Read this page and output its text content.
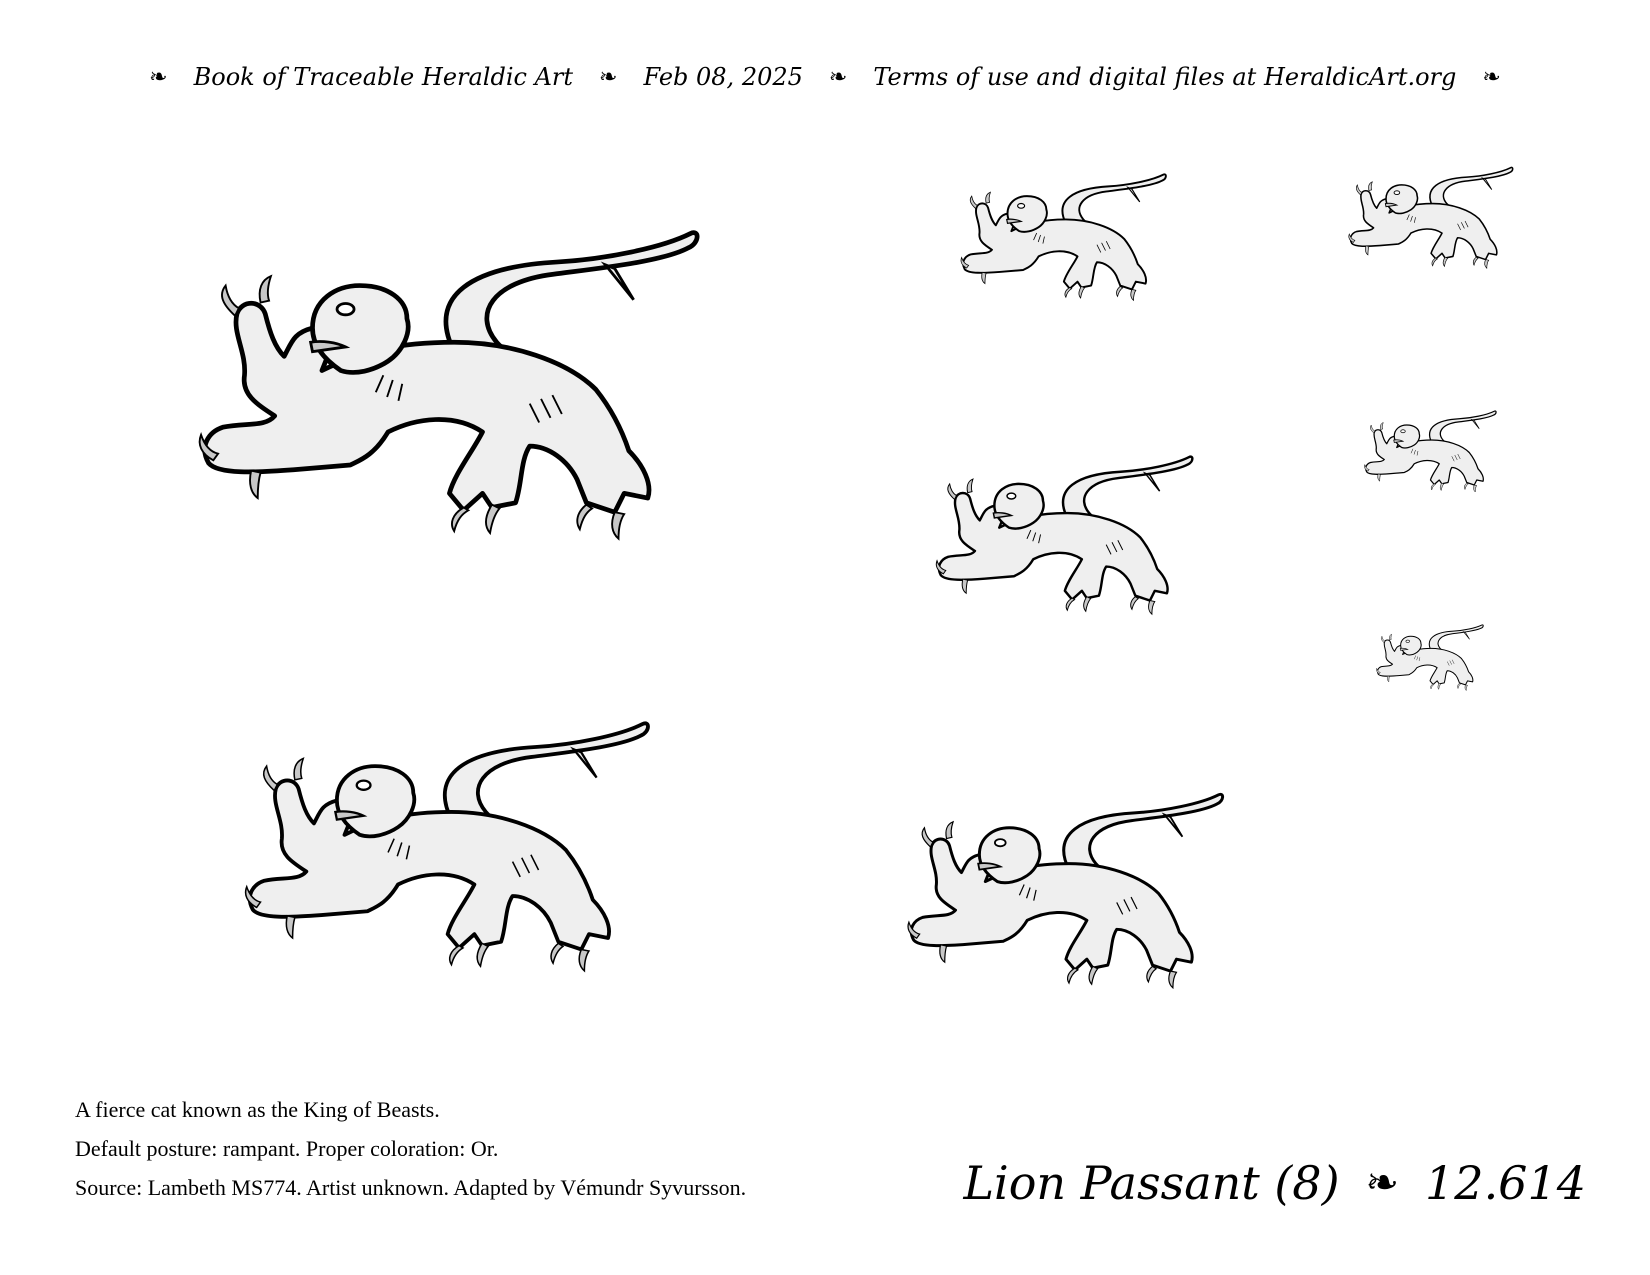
❧ Book of Traceable Heraldic Art ❧ Feb 08, 2025 ❧ Terms of use and digital files at HeraldicArt.org ❧
A fierce cat known as the King of Beasts.
Default posture: rampant. Proper coloration: Or.
Source: Lambeth MS774. Artist unknown. Adapted by Vémundr Syvursson.	Lion Passant (8) ❧ 12.614
